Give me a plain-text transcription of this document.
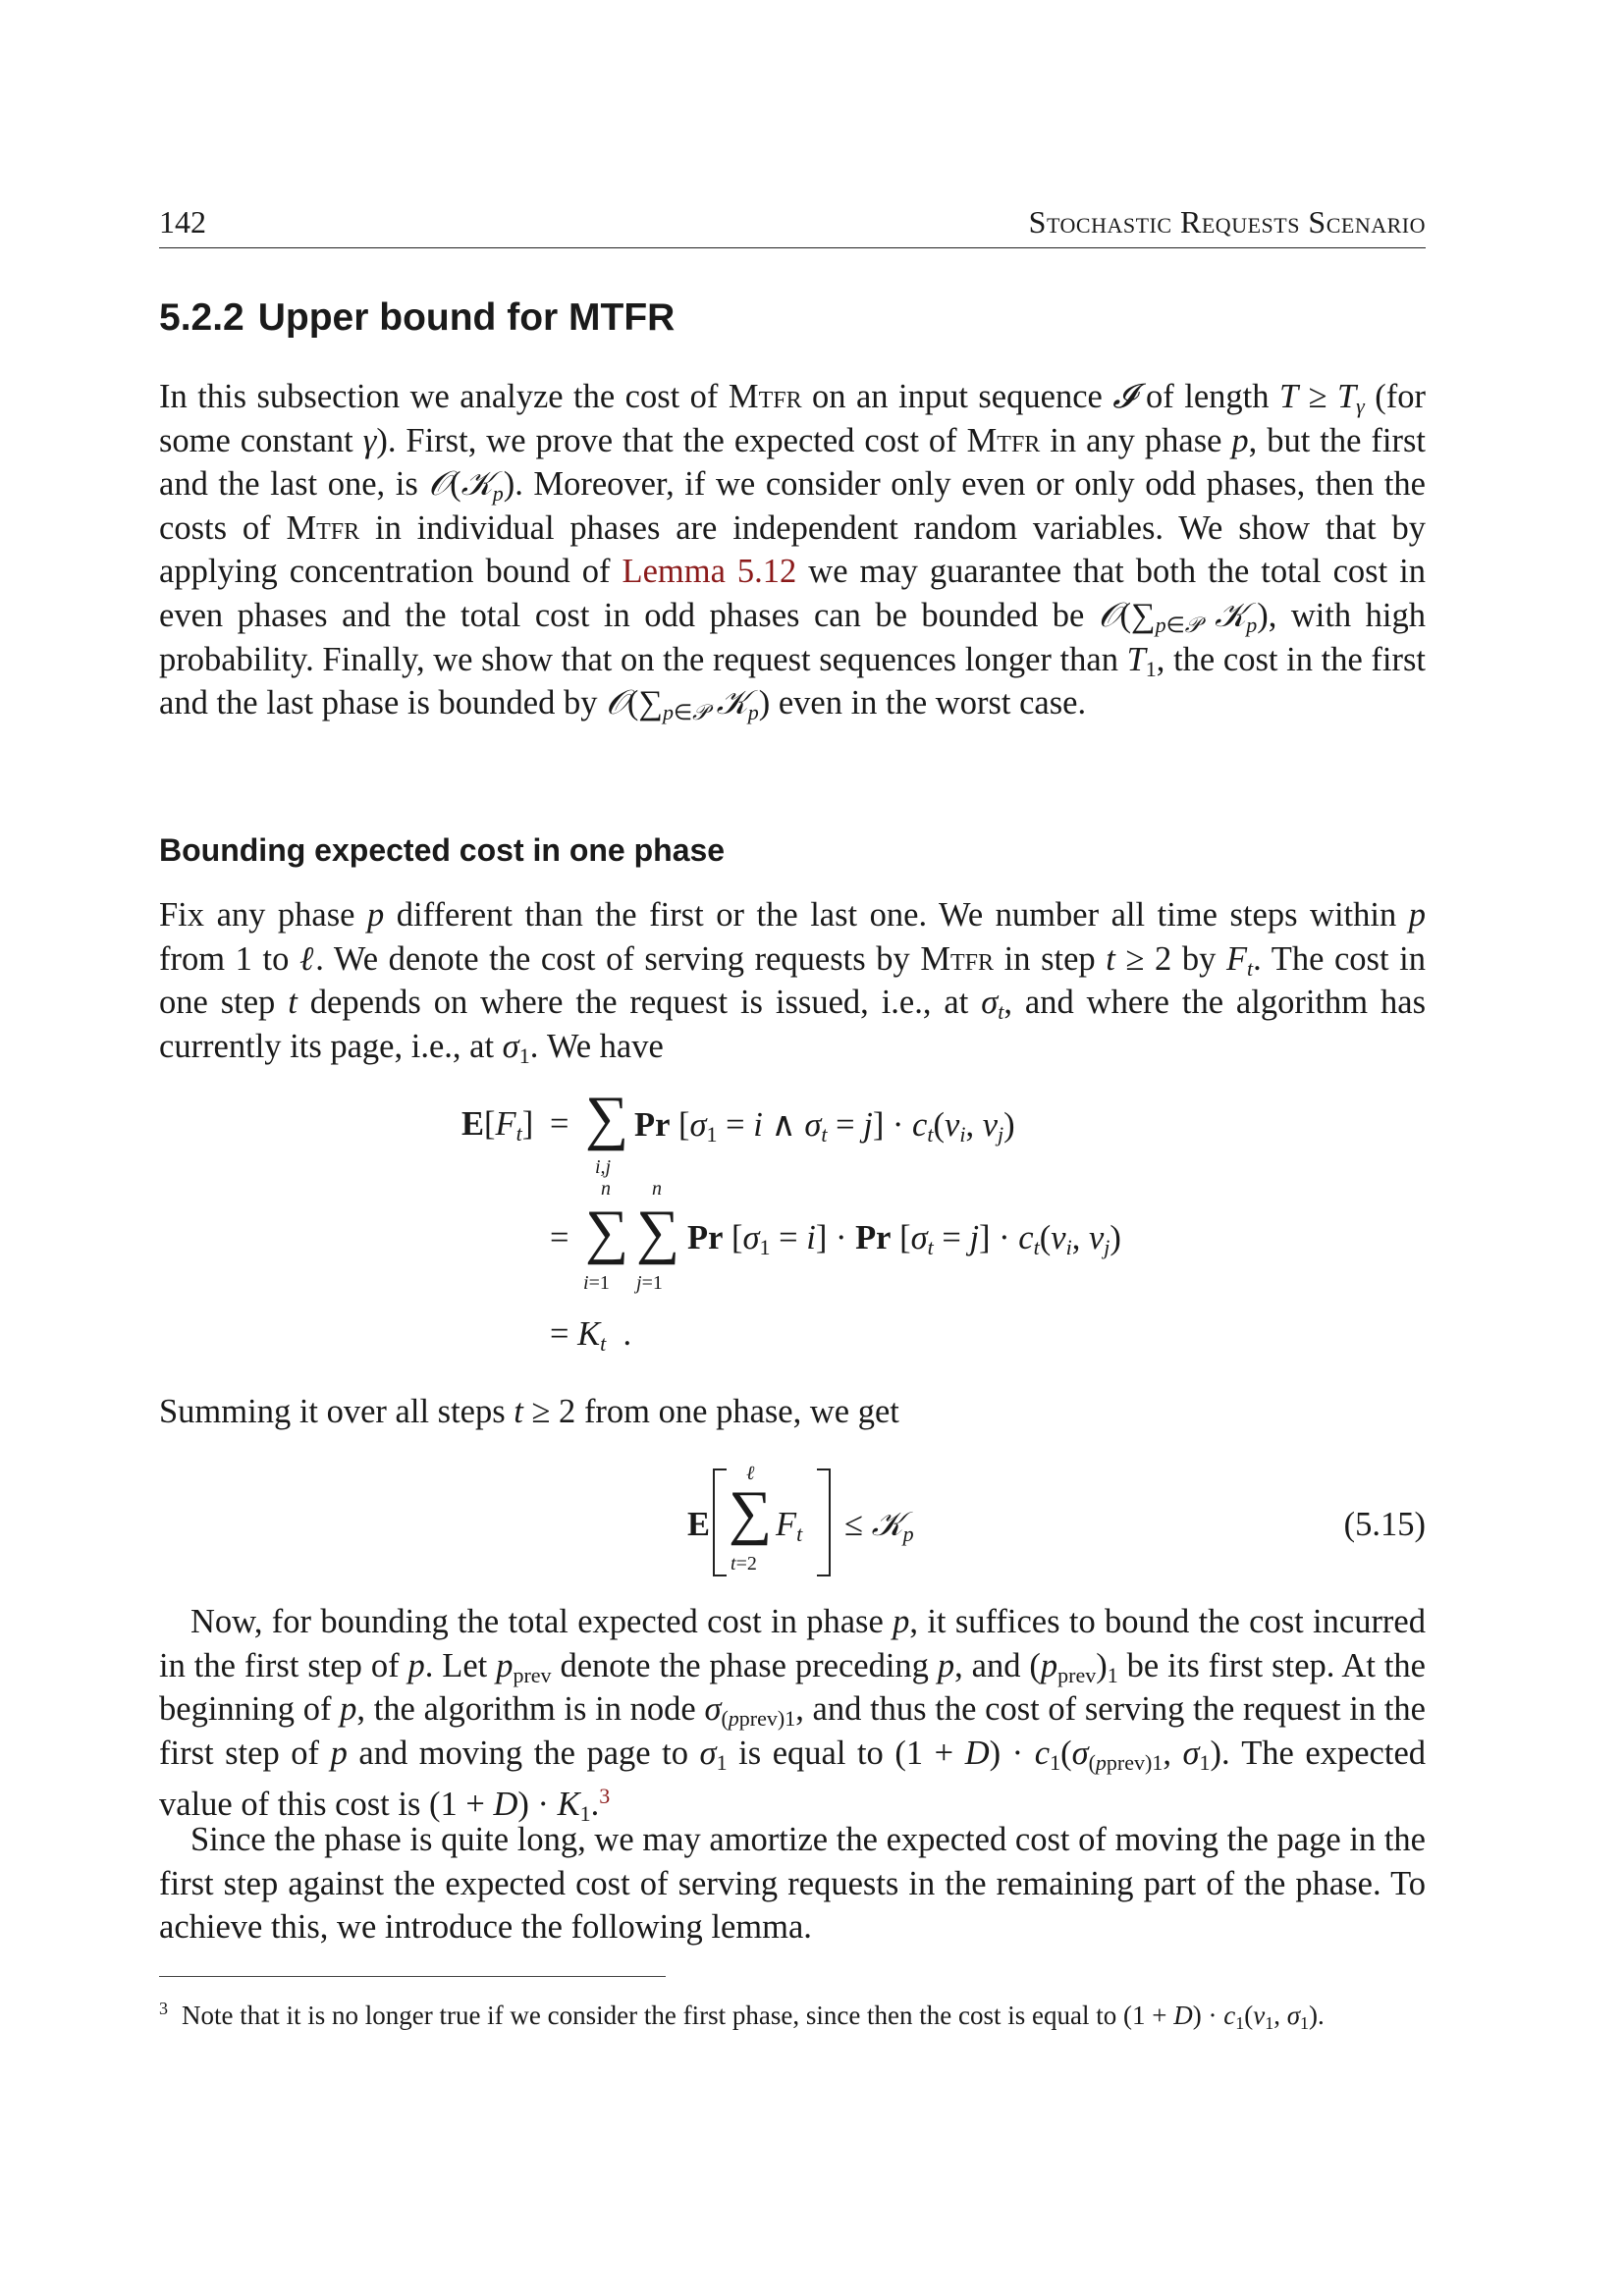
142	Stochastic Requests Scenario
5.2.2 Upper bound for MTFR

In this subsection we analyze the cost of Mtfr on an input sequence 𝓘 of length $T \ge T_\gamma$ (for some constant γ). First, we prove that the expected cost of Mtfr in any phase p, but the first and the last one, is 𝒪(𝒦$_p$). Moreover, if we consider only even or only odd phases, then the costs of Mtfr in individual phases are independent random variables. We show that by applying concentration bound of Lemma 5.12 we may guarantee that both the total cost in even phases and the total cost in odd phases can be bounded be $𝒪(\sum_{p\in 𝒫}$ 𝒦$_p$), with high probability. Finally, we show that on the request sequences longer than $T_1$, the cost in the first and the last phase is bounded by $𝒪(\sum_{p\in 𝒫}$ 𝒦$_p$) even in the worst case.

Bounding expected cost in one phase

Fix any phase p different than the first or the last one. We number all time steps within p from 1 to ℓ. We denote the cost of serving requests by Mtfr in step t ≥ 2 by $F_t$. The cost in one step t depends on where the request is issued, i.e., at $\sigma_t$, and where the algorithm has currently its page, i.e., at $\sigma_1$. We have

$E[F_t]$ = ∑
i,j
Pr [$\sigma_1 = i$ ∧ $\sigma_t = j] \cdot c_t(v_i$, $v_j$)
n n
= ∑ ∑
i=1 j=1
Pr $[\sigma_1 = i] \cdot Pr$ $[\sigma_t = j] \cdot c_t(v_i$, $v_j$)
= $K_t$  .

Summing it over all steps t ≥ 2 from one phase, we get

E
ℓ
∑
t=2
$F_t$ ≤ 𝒦$_p$	(5.15)

Now, for bounding the total expected cost in phase p, it suffices to bound the cost incurred in the first step of p. Let $p_{prev}$ denote the phase preceding p, and $(p_{prev})_1$ be its first step. At the beginning of p, the algorithm is in node $\sigma_{(pprev)1}$, and thus the cost of serving the request in the first step of p and moving the page to $\sigma_1$ is equal to $(1 + D) \cdot c_1(\sigma_{(pprev)1}$, $\sigma_1$). The expected value of this cost is $(1 + D) \cdot K_1.^3$

Since the phase is quite long, we may amortize the expected cost of moving the page in the first step against the expected cost of serving requests in the remaining part of the phase. To achieve this, we introduce the following lemma.

$^3$ Note that it is no longer true if we consider the first phase, since then the cost is equal to $(1 + D) \cdot c_1(v_1$, $\sigma_1$).
